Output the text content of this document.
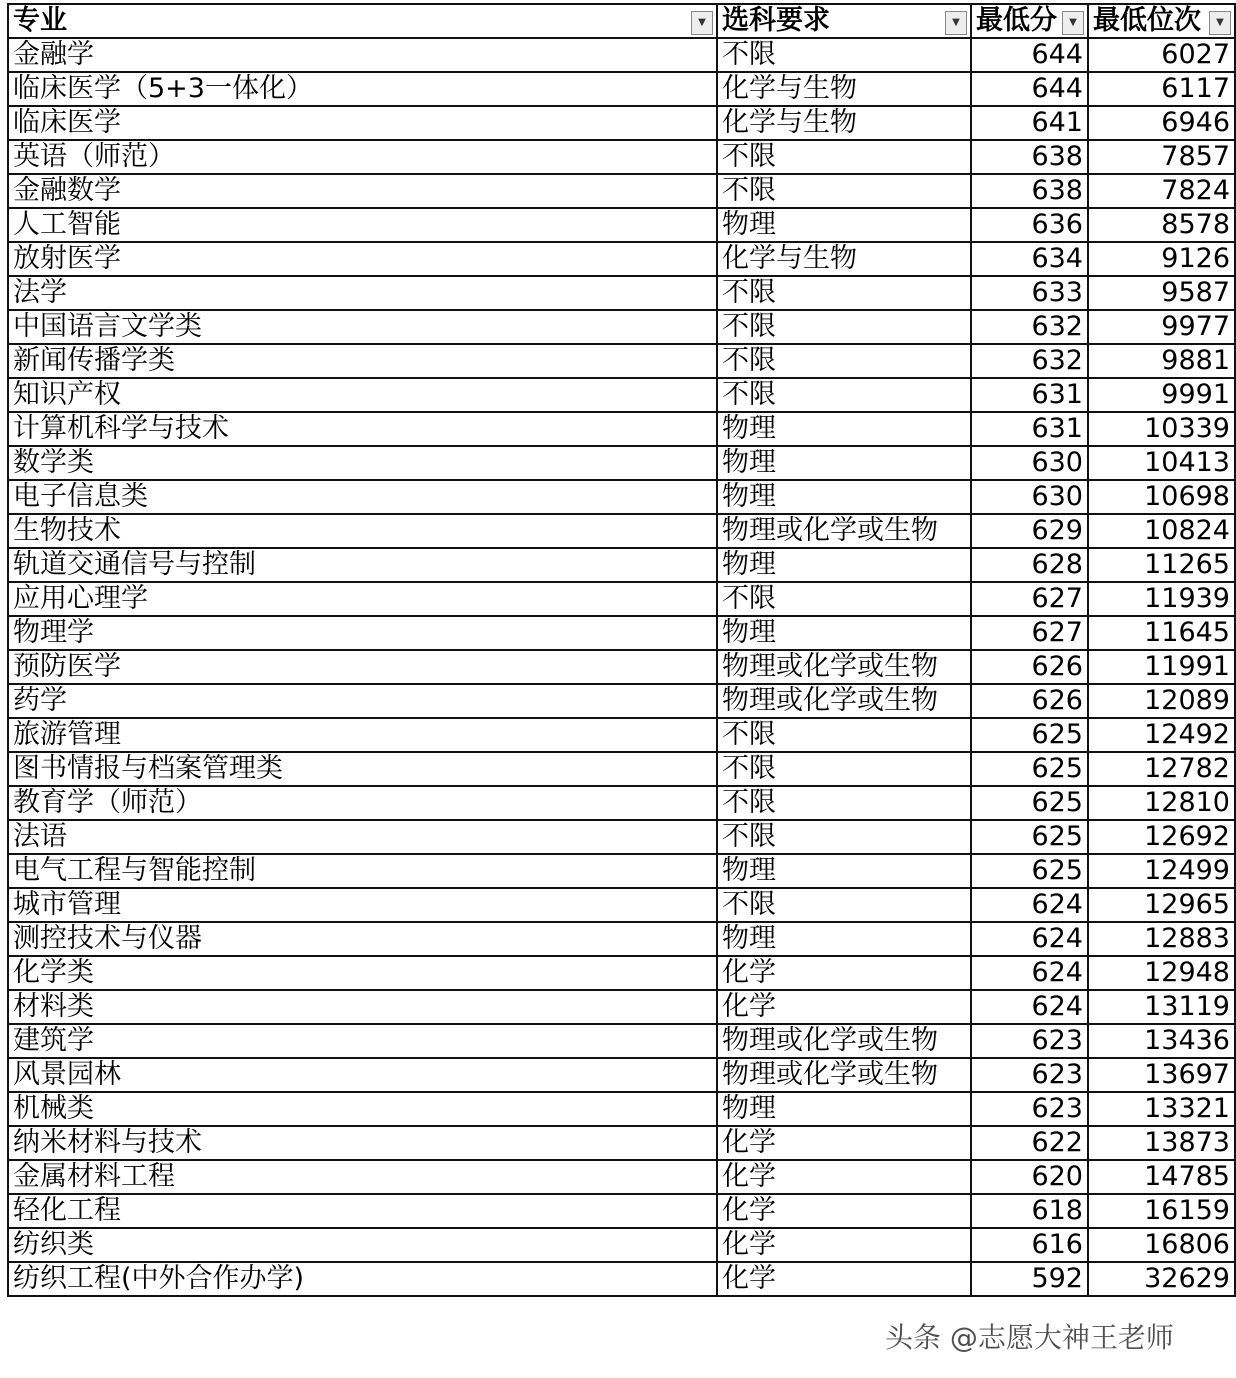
专业 ▼	选科要求 ▼	最低分 ▼	最低位次 ▼

金融学	不限	644	6027
临床医学（5+3一体化）	化学与生物	644	6117
临床医学	化学与生物	641	6946
英语（师范）	不限	638	7857
金融数学	不限	638	7824
人工智能	物理	636	8578
放射医学	化学与生物	634	9126
法学	不限	633	9587
中国语言文学类	不限	632	9977
新闻传播学类	不限	632	9881
知识产权	不限	631	9991
计算机科学与技术	物理	631	10339
数学类	物理	630	10413
电子信息类	物理	630	10698
生物技术	物理或化学或生物	629	10824
轨道交通信号与控制	物理	628	11265
应用心理学	不限	627	11939
物理学	物理	627	11645
预防医学	物理或化学或生物	626	11991
药学	物理或化学或生物	626	12089
旅游管理	不限	625	12492
图书情报与档案管理类	不限	625	12782
教育学（师范）	不限	625	12810
法语	不限	625	12692
电气工程与智能控制	物理	625	12499
城市管理	不限	624	12965
测控技术与仪器	物理	624	12883
化学类	化学	624	12948
材料类	化学	624	13119
建筑学	物理或化学或生物	623	13436
风景园林	物理或化学或生物	623	13697
机械类	物理	623	13321
纳米材料与技术	化学	622	13873
金属材料工程	化学	620	14785
轻化工程	化学	618	16159
纺织类	化学	616	16806
纺织工程(中外合作办学)	化学	592	32629
头条 @志愿大神王老师
